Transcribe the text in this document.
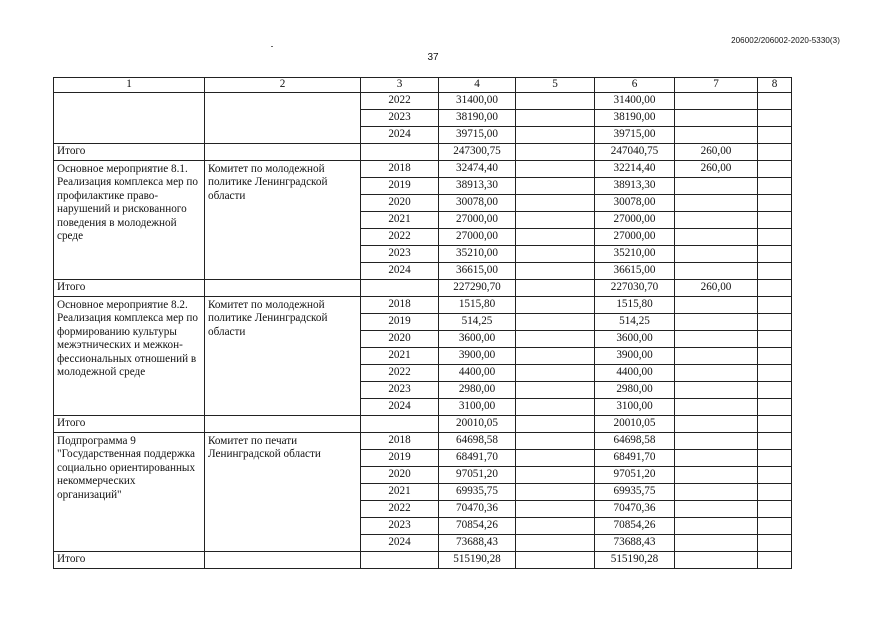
206002/206002-2020-5330(3)
37
1	2	3	4	5	6	7	8
		2022	31400,00		31400,00		
		2023	38190,00		38190,00		
		2024	39715,00		39715,00		
Итого			247300,75		247040,75	260,00	
Основное мероприятие 8.1. Реализация комплекса мер по профилактике право-нарушений и рискованного поведения в молодежной среде	Комитет по молодежной политике Ленинградской области	2018	32474,40		32214,40	260,00	
		2019	38913,30		38913,30		
		2020	30078,00		30078,00		
		2021	27000,00		27000,00		
		2022	27000,00		27000,00		
		2023	35210,00		35210,00		
		2024	36615,00		36615,00		
Итого			227290,70		227030,70	260,00	
Основное мероприятие 8.2. Реализация комплекса мер по формированию культуры межэтнических и межкон-фессиональных отношений в молодежной среде	Комитет по молодежной политике Ленинградской области	2018	1515,80		1515,80		
		2019	514,25		514,25		
		2020	3600,00		3600,00		
		2021	3900,00		3900,00		
		2022	4400,00		4400,00		
		2023	2980,00		2980,00		
		2024	3100,00		3100,00		
Итого			20010,05		20010,05		
Подпрограмма 9 "Государственная поддержка социально ориентированных некоммерческих организаций"	Комитет по печати Ленинградской области	2018	64698,58		64698,58		
		2019	68491,70		68491,70		
		2020	97051,20		97051,20		
		2021	69935,75		69935,75		
		2022	70470,36		70470,36		
		2023	70854,26		70854,26		
		2024	73688,43		73688,43		
Итого			515190,28		515190,28		
